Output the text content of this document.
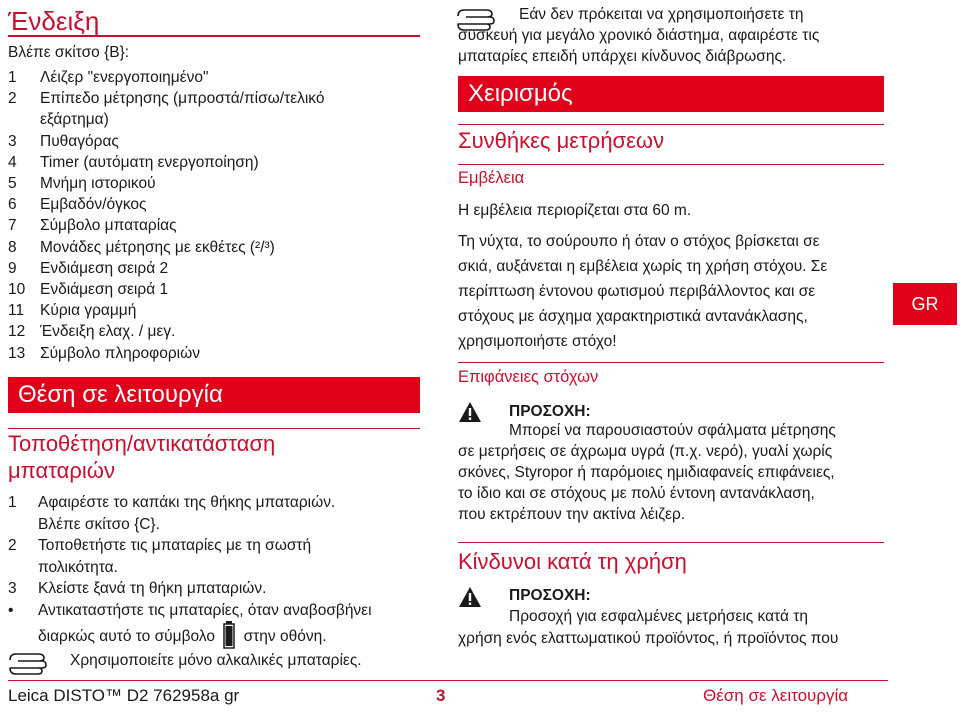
Ένδειξη
Βλέπε σκίτσο {B}:
1 Λέιζερ "ενεργοποιημένο"
2 Επίπεδο μέτρησης (μπροστά/πίσω/τελικό
εξάρτημα)
3 Πυθαγόρας
4 Timer (αυτόματη ενεργοποίηση)
5 Μνήμη ιστορικού
6 Εμβαδόν/όγκος
7 Σύμβολο μπαταρίας
8 Μονάδες μέτρησης με εκθέτες (²/³)
9 Ενδιάμεση σειρά 2
10 Ενδιάμεση σειρά 1
11 Κύρια γραμμή
12 Ένδειξη ελαχ. / μεγ.
13 Σύμβολο πληροφοριών
Θέση σε λειτουργία
Τοποθέτηση/αντικατάσταση
μπαταριών
1 Αφαιρέστε το καπάκι της θήκης μπαταριών.
Βλέπε σκίτσο {C}.
2 Τοποθετήστε τις μπαταρίες με τη σωστή
πολικότητα.
3 Κλείστε ξανά τη θήκη μπαταριών.
• Αντικαταστήστε τις μπαταρίες, όταν αναβοσβήνει
διαρκώς αυτό το σύμβολο στην οθόνη.
Χρησιμοποιείτε μόνο αλκαλικές μπαταρίες.
Εάν δεν πρόκειται να χρησιμοποιήσετε τη
συσκευή για μεγάλο χρονικό διάστημα, αφαιρέστε τις
μπαταρίες επειδή υπάρχει κίνδυνος διάβρωσης.
Χειρισμός
Συνθήκες μετρήσεων
Εμβέλεια
Η εμβέλεια περιορίζεται στα 60 m.
Τη νύχτα, το σούρουπο ή όταν ο στόχος βρίσκεται σε
σκιά, αυξάνεται η εμβέλεια χωρίς τη χρήση στόχου. Σε
περίπτωση έντονου φωτισμού περιβάλλοντος και σε
στόχους με άσχημα χαρακτηριστικά αντανάκλασης,
χρησιμοποιήστε στόχο!
Επιφάνειες στόχων
ΠΡΟΣΟΧΗ:
Μπορεί να παρουσιαστούν σφάλματα μέτρησης
σε μετρήσεις σε άχρωμα υγρά (π.χ. νερό), γυαλί χωρίς
σκόνες, Styropor ή παρόμοιες ημιδιαφανείς επιφάνειες,
το ίδιο και σε στόχους με πολύ έντονη αντανάκλαση,
που εκτρέπουν την ακτίνα λέιζερ.
Κίνδυνοι κατά τη χρήση
ΠΡΟΣΟΧΗ:
Προσοχή για εσφαλμένες μετρήσεις κατά τη
χρήση ενός ελαττωματικού προϊόντος, ή προϊόντος που
GR
Leica DISTO™ D2 762958a gr	3	Θέση σε λειτουργία
